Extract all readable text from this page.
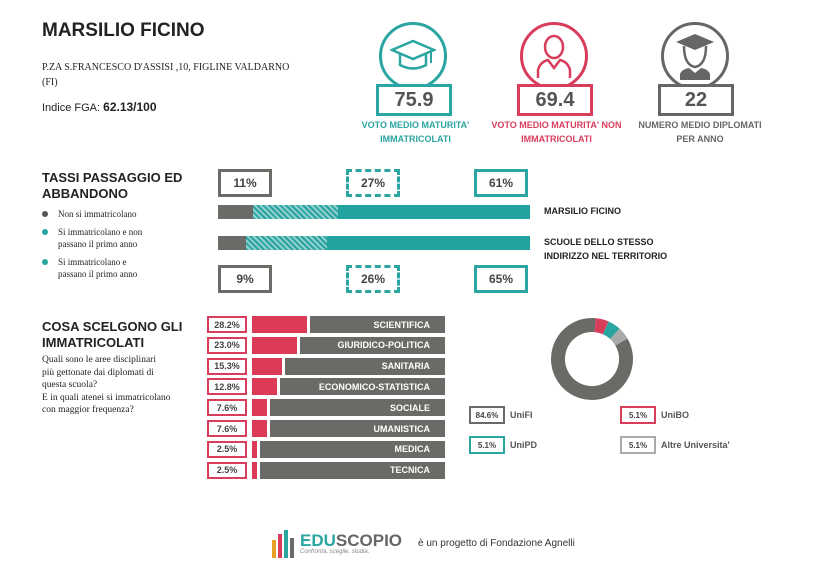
MARSILIO FICINO
P.ZA S.FRANCESCO D'ASSISI ,10, FIGLINE VALDARNO (FI)
Indice FGA: 62.13/100	75.9
VOTO MEDIO MATURITA'
IMMATRICOLATI
69.4
VOTO MEDIO MATURITA' NON
IMMATRICOLATI
22
NUMERO MEDIO DIPLOMATI
PER ANNO
TASSI PASSAGGIO ED
ABBANDONO
Non si immatricolano
Si immatricolano e non
passano il primo anno
Si immatricolano e
passano il primo anno
11%	27%	61%
MARSILIO FICINO
SCUOLE DELLO STESSO
INDIRIZZO NEL TERRITORIO
9%	26%	65%
COSA SCELGONO GLI
IMMATRICOLATI
Quali sono le aree disciplinari
più gettonate dai diplomati di
questa scuola?
E in quali atenei si immatricolano
con maggior frequenza?
28.2%	SCIENTIFICA
23.0%	GIURIDICO-POLITICA
15.3%	SANITARIA
12.8%	ECONOMICO-STATISTICA
7.6%	SOCIALE
7.6%	UMANISTICA
2.5%	MEDICA
2.5%	TECNICA
84.6%	UniFI	5.1%	UniBO
5.1%	UniPD	5.1%	Altre Universita'
EDUSCOPIO
Confronta, sceglie, studia.
è un progetto di Fondazione Agnelli
